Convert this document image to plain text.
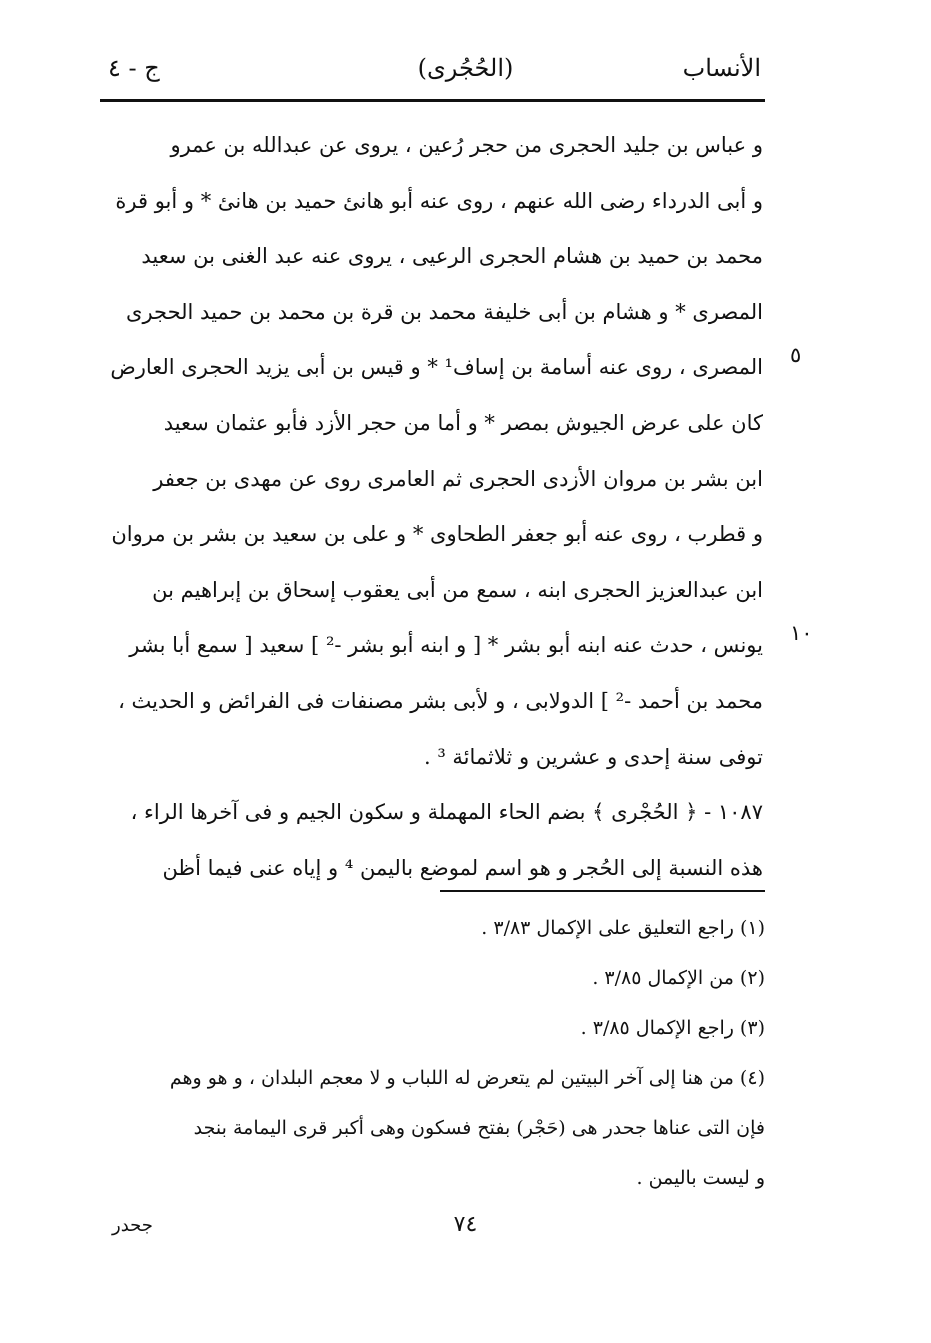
الأنساب
(الحُجُرى)
ج - ٤
٥
١٠
و عباس بن جليد الحجرى من حجر رُعين ، يروى عن عبدالله بن عمرو
و أبى الدرداء رضى الله عنهم ، روى عنه أبو هانئ حميد بن هانئ * و أبو قرة
محمد بن حميد بن هشام الحجرى الرعيى ، يروى عنه عبد الغنى بن سعيد
المصرى * و هشام بن أبى خليفة محمد بن قرة بن محمد بن حميد الحجرى
المصرى ، روى عنه أسامة بن إساف¹ * و قيس بن أبى يزيد الحجرى العارض
كان على عرض الجيوش بمصر * و أما من حجر الأزد فأبو عثمان سعيد
ابن بشر بن مروان الأزدى الحجرى ثم العامرى روى عن مهدى بن جعفر
و قطرب ، روى عنه أبو جعفر الطحاوى * و على بن سعيد بن بشر بن مروان
ابن عبدالعزيز الحجرى ابنه ، سمع من أبى يعقوب إسحاق بن إبراهيم بن
يونس ، حدث عنه ابنه أبو بشر * [ و ابنه أبو بشر -² ] سعيد [ سمع أبا بشر
محمد بن أحمد -² ] الدولابى ، و لأبى بشر مصنفات فى الفرائض و الحديث ،
توفى سنة إحدى و عشرين و ثلاثمائة ³ .
١٠٨٧ - ﴿ الحُجْرى ﴾ بضم الحاء المهملة و سكون الجيم و فى آخرها الراء ،
هذه النسبة إلى الحُجر و هو اسم لموضع باليمن ⁴ و إياه عنى فيما أظن
(١) راجع التعليق على الإكمال ٣/٨٣ .
(٢) من الإكمال ٣/٨٥ .
(٣) راجع الإكمال ٣/٨٥ .
(٤) من هنا إلى آخر البيتين لم يتعرض له اللباب و لا معجم البلدان ، و هو وهم
فإن التى عناها جحدر هى (حَجْر) بفتح فسكون وهى أكبر قرى اليمامة بنجد
و ليست باليمن .
جحدر	٧٤
